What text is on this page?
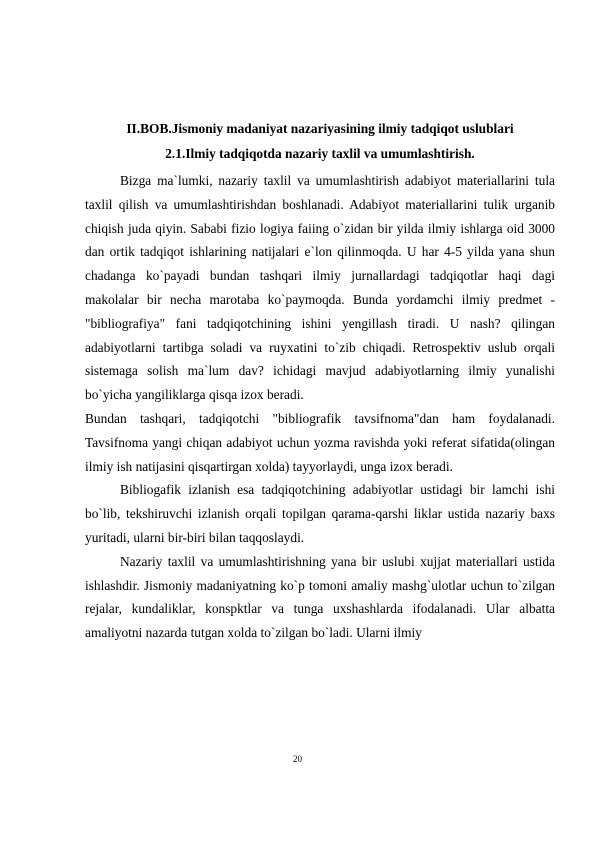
II.BOB.Jismoniy madaniyat nazariyasining ilmiy tadqiqot uslublari
2.1.Ilmiy tadqiqotda nazariy taxlil va umumlashtirish.

Bizga ma`lumki, nazariy taxlil va umumlashtirish adabiyot materiallarini tula taxlil qilish va umumlashtirishdan boshlanadi. Adabiyot materiallarini tulik urganib chiqish juda qiyin. Sababi fizio logiya faiing o`zidan bir yilda ilmiy ishlarga oid 3000 dan ortik tadqiqot ishlarining natijalari e`lon qilinmoqda. U har 4-5 yilda yana shun chadanga ko`payadi bundan tashqari ilmiy jurnallardagi tadqiqotlar haqi dagi makolalar bir necha marotaba ko`paymoqda. Bunda yordamchi ilmiy predmet - "bibliografiya" fani tadqiqotchining ishini yengillash tiradi. U nash? qilingan adabiyotlarni tartibga soladi va ruyxatini to`zib chiqadi. Retrospektiv uslub orqali sistemaga solish ma`lum dav? ichidagi mavjud adabiyotlarning ilmiy yunalishi bo`yicha yangiliklarga qisqa izox beradi.

Bundan tashqari, tadqiqotchi "bibliografik tavsifnoma"dan ham foydalanadi. Tavsifnoma yangi chiqan adabiyot uchun yozma ravishda yoki referat sifatida(olingan ilmiy ish natijasini qisqartirgan xolda) tayyorlaydi, unga izox beradi.

Bibliogafik izlanish esa tadqiqotchining adabiyotlar ustidagi bir lamchi ishi bo`lib, tekshiruvchi izlanish orqali topilgan qarama-qarshi liklar ustida nazariy baxs yuritadi, ularni bir-biri bilan taqqoslaydi.

Nazariy taxlil va umumlashtirishning yana bir uslubi xujjat materiallari ustida ishlashdir. Jismoniy madaniyatning ko`p tomoni amaliy mashg`ulotlar uchun to`zilgan rejalar, kundaliklar, konspktlar va tunga uxshashlarda ifodalanadi. Ular albatta amaliyotni nazarda tutgan xolda to`zilgan bo`ladi. Ularni ilmiy

20
